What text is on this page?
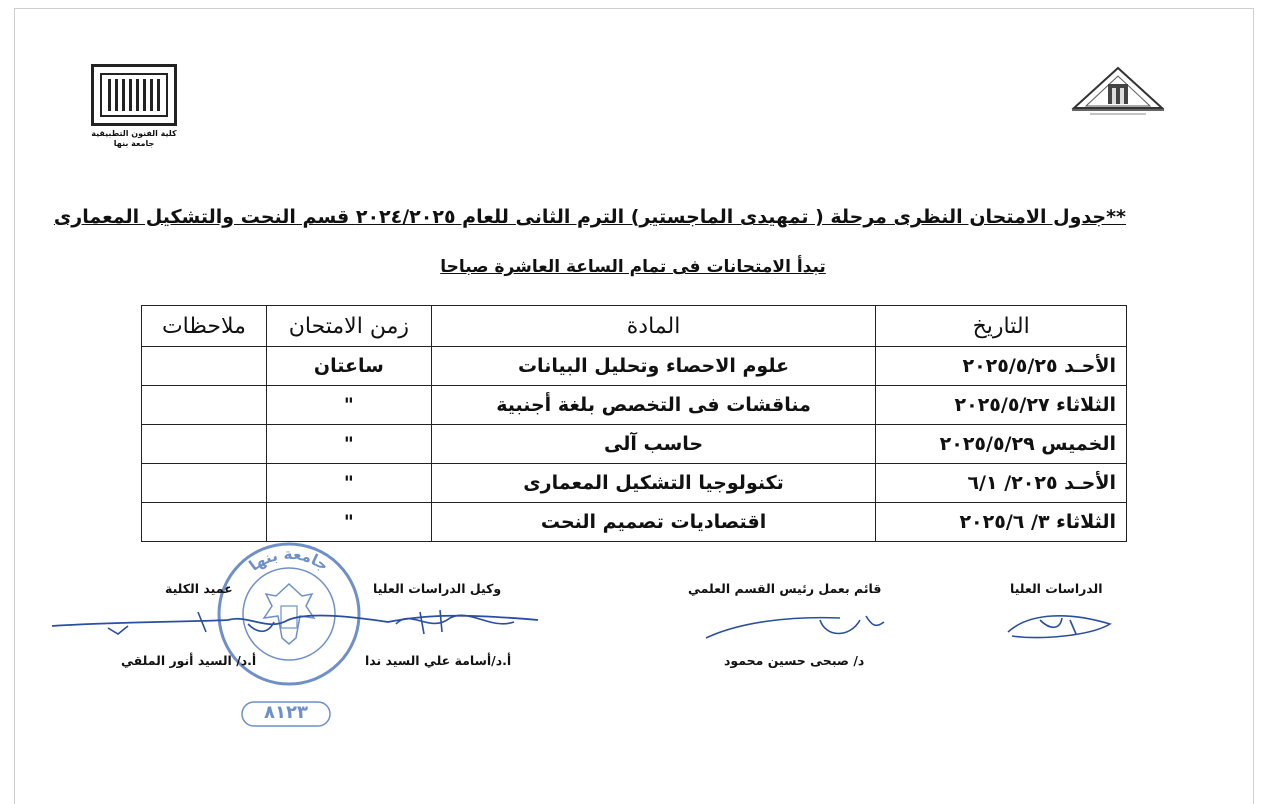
كلية الفنون التطبيقية
جامعة بنها
**جدول الامتحان النظرى مرحلة ( تمهيدى الماجستير) الترم الثانى للعام ٢٠٢٤/٢٠٢٥ قسم النحت والتشكيل المعمارى
تبدأ الامتحانات فى تمام الساعة العاشرة صباحا
التاريخ	المادة	زمن الامتحان	ملاحظات
الأحـد ٢٠٢٥/٥/٢٥	علوم الاحصاء وتحليل البيانات	ساعتان	
الثلاثاء ٢٠٢٥/٥/٢٧	مناقشات فى التخصص بلغة أجنبية	"	
الخميس ٢٠٢٥/٥/٢٩	حاسب آلى	"	
الأحـد ٢٠٢٥/ ٦/١	تكنولوجيا التشكيل المعمارى	"	
الثلاثاء ٣/ ٢٠٢٥/٦	اقتصاديات تصميم النحت	"	
جامعة بنها
٨١٢٣
الدراسات العليا
قائم بعمل رئيس القسم العلمي
د/ صبحى حسين محمود
وكيل الدراسات العليا
أ.د/أسامة علي السيد ندا
عميد الكلية
أ.د/ السيد أنور الملقي
